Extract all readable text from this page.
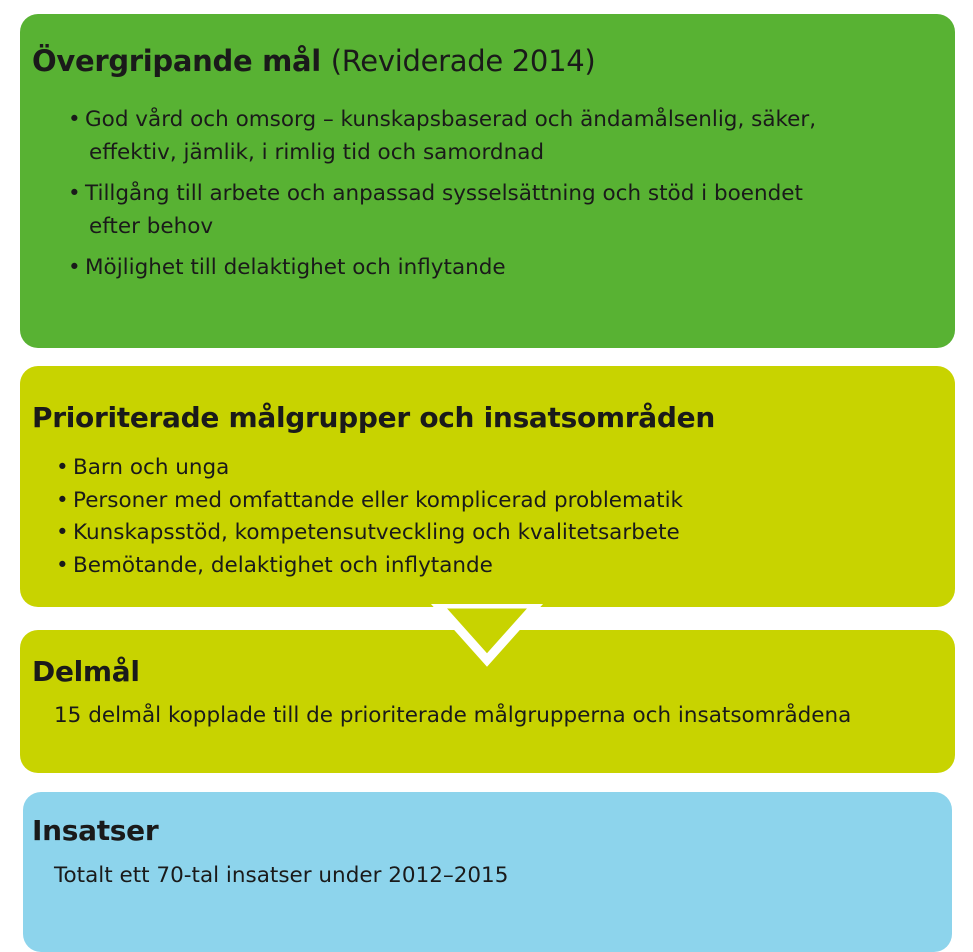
Övergripande mål (Reviderade 2014)
• God vård och omsorg – kunskapsbaserad och ändamålsenlig, säker,
effektiv, jämlik, i rimlig tid och samordnad
• Tillgång till arbete och anpassad sysselsättning och stöd i boendet
efter behov
• Möjlighet till delaktighet och inflytande
Prioriterade målgrupper och insatsområden
• Barn och unga
• Personer med omfattande eller komplicerad problematik
• Kunskapsstöd, kompetensutveckling och kvalitetsarbete
• Bemötande, delaktighet och inflytande
Delmål

15 delmål kopplade till de prioriterade målgrupperna och insatsområdena

Insatser

Totalt ett 70-tal insatser under 2012–2015
